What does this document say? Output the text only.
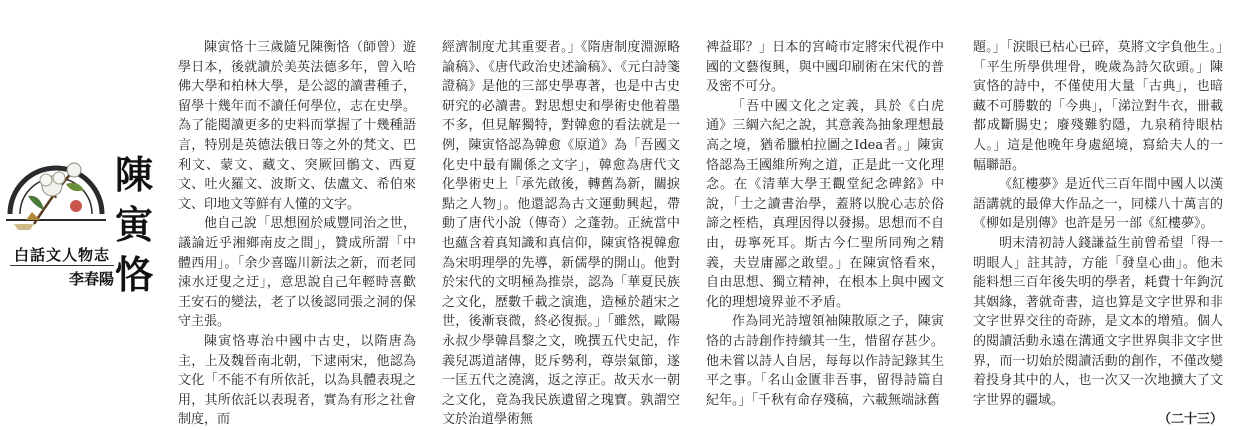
陳寅恪
白話文人物志
李春陽

陳寅恪十三歲隨兄陳衡恪（師曾）遊學日本，後就讀於美英法德多年，曾入哈佛大學和柏林大學，是公認的讀書種子，留學十幾年而不讀任何學位，志在史學。為了能閱讀更多的史料而掌握了十幾種語言，特別是英德法俄日等之外的梵文、巴利文、蒙文、藏文、突厥回鶻文、西夏文、吐火羅文、波斯文、佉盧文、希伯來文、印地文等鮮有人懂的文字。

他自己說「思想囿於咸豐同治之世，議論近乎湘鄉南皮之間」，贊成所謂「中體西用」。「余少喜臨川新法之新，而老同涑水迂叟之迂」，意思說自己年輕時喜歡王安石的變法，老了以後認同張之洞的保守主張。

陳寅恪專治中國中古史，以隋唐為主，上及魏晉南北朝，下逮兩宋，他認為文化「不能不有所依託，以為具體表現之用，其所依託以表現者，實為有形之社會制度，而

經濟制度尤其重要者。」《隋唐制度淵源略論稿》、《唐代政治史述論稿》、《元白詩箋證稿》是他的三部史學專著，也是中古史研究的必讀書。對思想史和學術史他着墨不多，但見解獨特，對韓愈的看法就是一例，陳寅恪認為韓愈《原道》為「吾國文化史中最有關係之文字」，韓愈為唐代文化學術史上「承先啟後，轉舊為新，關捩點之人物」。他還認為古文運動興起，帶動了唐代小說（傳奇）之蓬勃。正統當中也蘊含着真知識和真信仰，陳寅恪視韓愈為宋明理學的先導，新儒學的開山。他對於宋代的文明極為推崇，認為「華夏民族之文化，歷數千載之演進，造極於趙宋之世，後漸衰微，終必復振。」「雖然，歐陽永叔少學韓昌黎之文，晚撰五代史記，作義兒馮道諸傳，貶斥勢利，尊崇氣節，遂一匡五代之澆漓，返之淳正。故天水一朝之文化，竟為我民族遺留之瑰寶。孰謂空文於治道學術無

裨益耶？」日本的宮崎市定將宋代視作中國的文藝復興，與中國印刷術在宋代的普及密不可分。

「吾中國文化之定義，具於《白虎通》三綱六紀之說，其意義為抽象理想最高之境，猶希臘柏拉圖之Idea者。」陳寅恪認為王國維所殉之道，正是此一文化理念。在《清華大學王觀堂紀念碑銘》中說，「士之讀書治學，蓋將以脫心志於俗諦之桎梏，真理因得以發揚。思想而不自由，毋寧死耳。斯古今仁聖所同殉之精義，夫豈庸鄙之敢望。」在陳寅恪看來，自由思想、獨立精神，在根本上與中國文化的理想境界並不矛盾。

作為同光詩壇領袖陳散原之子，陳寅恪的古詩創作持續其一生，惜留存甚少。他未嘗以詩人自居，每每以作詩記錄其生平之事。「名山金匱非吾事，留得詩篇自紀年。」「千秋有命存殘稿，六載無端詠舊

題。」「淚眼已枯心已碎，莫將文字負他生。」「平生所學供埋骨，晚歲為詩欠砍頭。」陳寅恪的詩中，不僅使用大量「古典」，也暗藏不可勝數的「今典」，「涕泣對牛衣，卌載都成斷腸史；廢殘難豹隱，九泉稍待眼枯人。」這是他晚年身處絕境，寫給夫人的一幅聯語。

《紅樓夢》是近代三百年間中國人以漢語講就的最偉大作品之一，同樣八十萬言的《柳如是別傳》也許是另一部《紅樓夢》。

明末清初詩人錢謙益生前曾希望「得一明眼人」註其詩，方能「發皇心曲」。他未能料想三百年後失明的學者，耗費十年鉤沉其姻緣，著就奇書，這也算是文字世界和非文字世界交往的奇跡，是文本的增殖。個人的閱讀活動永遠在溝通文字世界與非文字世界，而一切始於閱讀活動的創作，不僅改變着投身其中的人，也一次又一次地擴大了文字世界的疆域。

（二十三）
